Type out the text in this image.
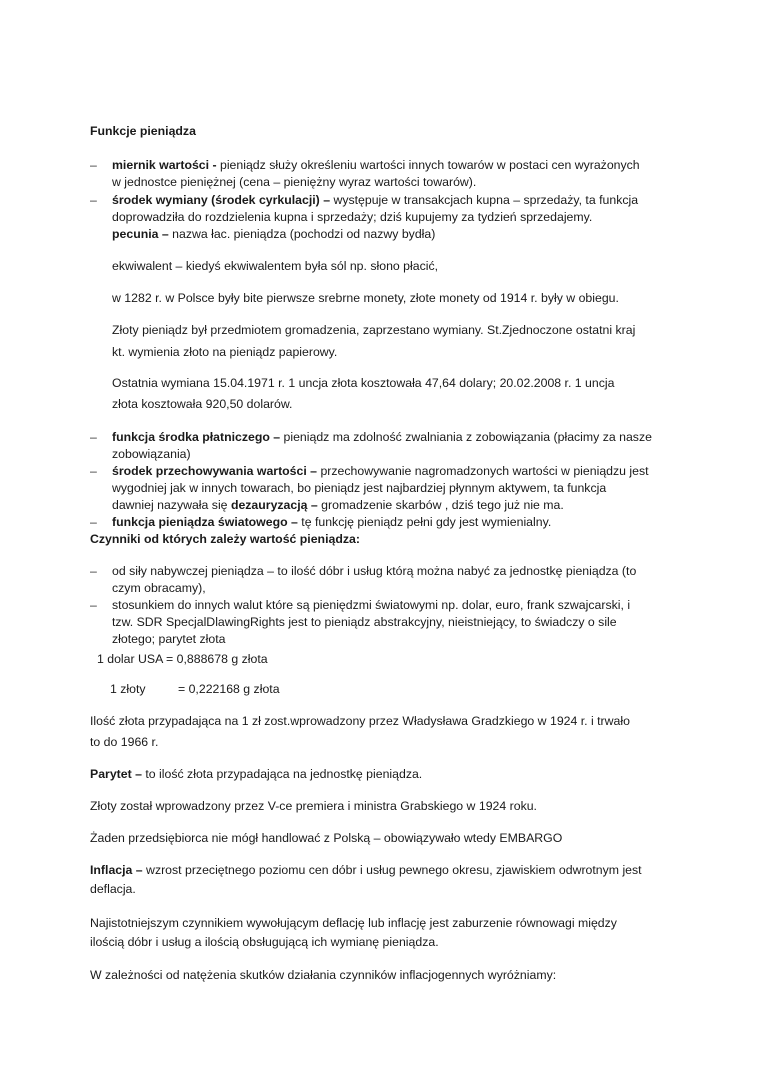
Funkcje pieniądza
– miernik wartości - pieniądz służy określeniu wartości innych towarów w postaci cen wyrażonych
w jednostce pieniężnej (cena – pieniężny wyraz wartości towarów).
– środek wymiany (środek cyrkulacji) – występuje w transakcjach kupna – sprzedaży, ta funkcja
doprowadziła do rozdzielenia kupna i sprzedaży; dziś kupujemy za tydzień sprzedajemy.
pecunia – nazwa łac. pieniądza (pochodzi od nazwy bydła)
ekwiwalent – kiedyś ekwiwalentem była sól np. słono płacić,
w 1282 r. w Polsce były bite pierwsze srebrne monety, złote monety od 1914 r. były w obiegu.
Złoty pieniądz był przedmiotem gromadzenia, zaprzestano wymiany. St.Zjednoczone ostatni kraj
kt. wymienia złoto na pieniądz papierowy.
Ostatnia wymiana 15.04.1971 r. 1 uncja złota kosztowała 47,64 dolary; 20.02.2008 r. 1 uncja
złota kosztowała 920,50 dolarów.
– funkcja środka płatniczego – pieniądz ma zdolność zwalniania z zobowiązania (płacimy za nasze
zobowiązania)
– środek przechowywania wartości – przechowywanie nagromadzonych wartości w pieniądzu jest
wygodniej jak w innych towarach, bo pieniądz jest najbardziej płynnym aktywem, ta funkcja
dawniej nazywała się dezauryzacją – gromadzenie skarbów , dziś tego już nie ma.
– funkcja pieniądza światowego – tę funkcję pieniądz pełni gdy jest wymienialny.
Czynniki od których zależy wartość pieniądza:
– od siły nabywczej pieniądza – to ilość dóbr i usług którą można nabyć za jednostkę pieniądza (to
czym obracamy),
– stosunkiem do innych walut które są pieniędzmi światowymi np. dolar, euro, frank szwajcarski, i
tzw. SDR SpecjalDlawingRights jest to pieniądz abstrakcyjny, nieistniejący, to świadczy o sile
złotego; parytet złota
1 dolar USA = 0,888678 g złota
1 złoty	= 0,222168 g złota
Ilość złota przypadająca na 1 zł zost.wprowadzony przez Władysława Gradzkiego w 1924 r. i trwało
to do 1966 r.
Parytet – to ilość złota przypadająca na jednostkę pieniądza.
Złoty został wprowadzony przez V-ce premiera i ministra Grabskiego w 1924 roku.
Żaden przedsiębiorca nie mógł handlować z Polską – obowiązywało wtedy EMBARGO
Inflacja – wzrost przeciętnego poziomu cen dóbr i usług pewnego okresu, zjawiskiem odwrotnym jest
deflacja.
Najistotniejszym czynnikiem wywołującym deflację lub inflację jest zaburzenie równowagi między
ilością dóbr i usług a ilością obsługującą ich wymianę pieniądza.
W zależności od natężenia skutków działania czynników inflacjogennych wyróżniamy:
